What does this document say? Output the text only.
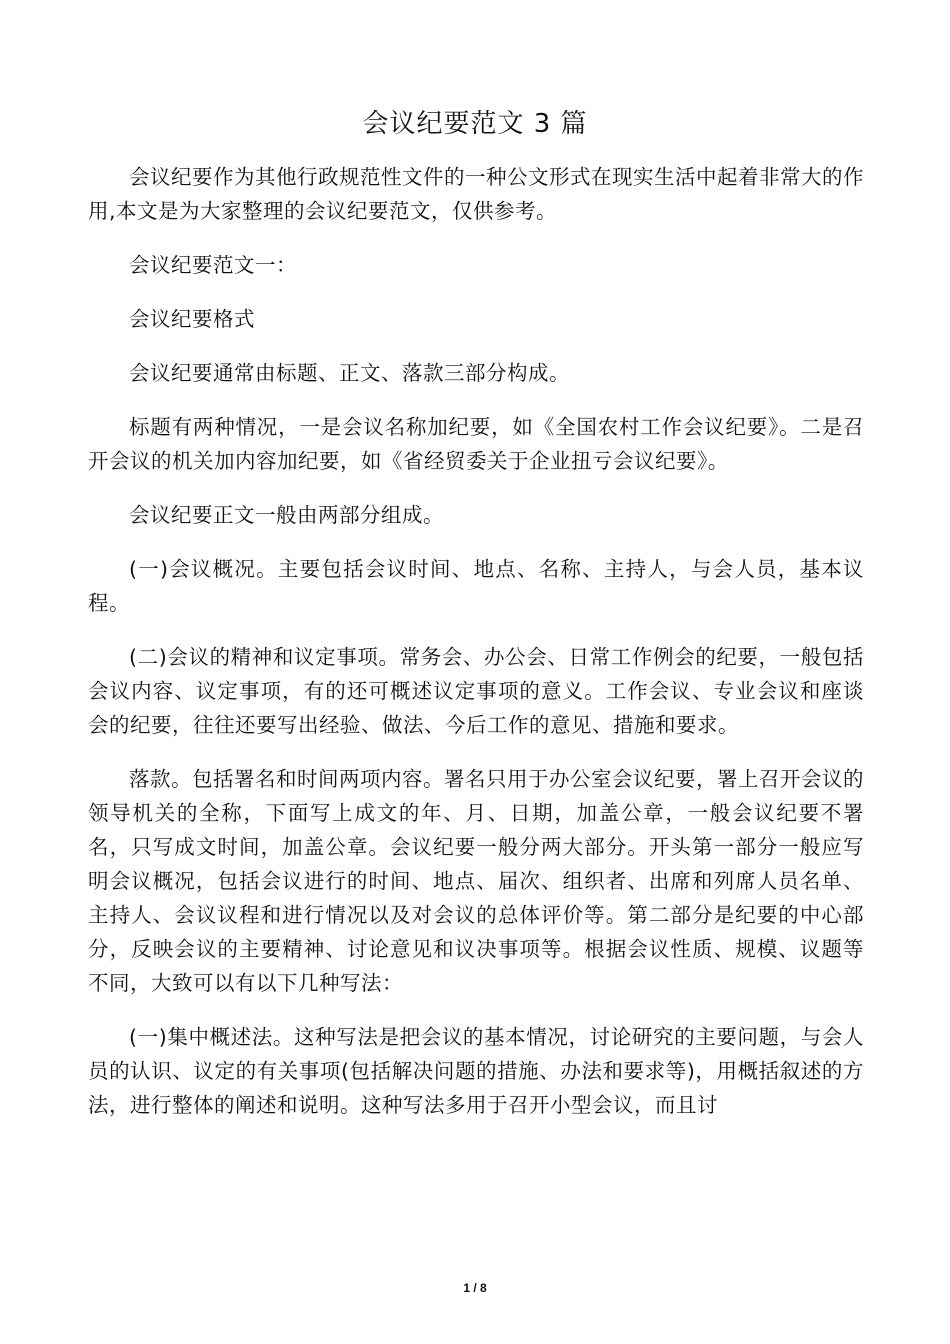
会议纪要范文 3 篇

会议纪要作为其他行政规范性文件的一种公文形式在现实生活中起着非常大的作用,本文是为大家整理的会议纪要范文，仅供参考。

会议纪要范文一：

会议纪要格式

会议纪要通常由标题、正文、落款三部分构成。

标题有两种情况，一是会议名称加纪要，如《全国农村工作会议纪要》。二是召开会议的机关加内容加纪要，如《省经贸委关于企业扭亏会议纪要》。

会议纪要正文一般由两部分组成。

(一)会议概况。主要包括会议时间、地点、名称、主持人，与会人员，基本议程。

(二)会议的精神和议定事项。常务会、办公会、日常工作例会的纪要，一般包括会议内容、议定事项，有的还可概述议定事项的意义。工作会议、专业会议和座谈会的纪要，往往还要写出经验、做法、今后工作的意见、措施和要求。

落款。包括署名和时间两项内容。署名只用于办公室会议纪要，署上召开会议的领导机关的全称，下面写上成文的年、月、日期，加盖公章，一般会议纪要不署名，只写成文时间，加盖公章。会议纪要一般分两大部分。开头第一部分一般应写明会议概况，包括会议进行的时间、地点、届次、组织者、出席和列席人员名单、主持人、会议议程和进行情况以及对会议的总体评价等。第二部分是纪要的中心部分，反映会议的主要精神、讨论意见和议决事项等。根据会议性质、规模、议题等不同，大致可以有以下几种写法：

(一)集中概述法。这种写法是把会议的基本情况，讨论研究的主要问题，与会人员的认识、议定的有关事项(包括解决问题的措施、办法和要求等)，用概括叙述的方法，进行整体的阐述和说明。这种写法多用于召开小型会议，而且讨

1 / 8
